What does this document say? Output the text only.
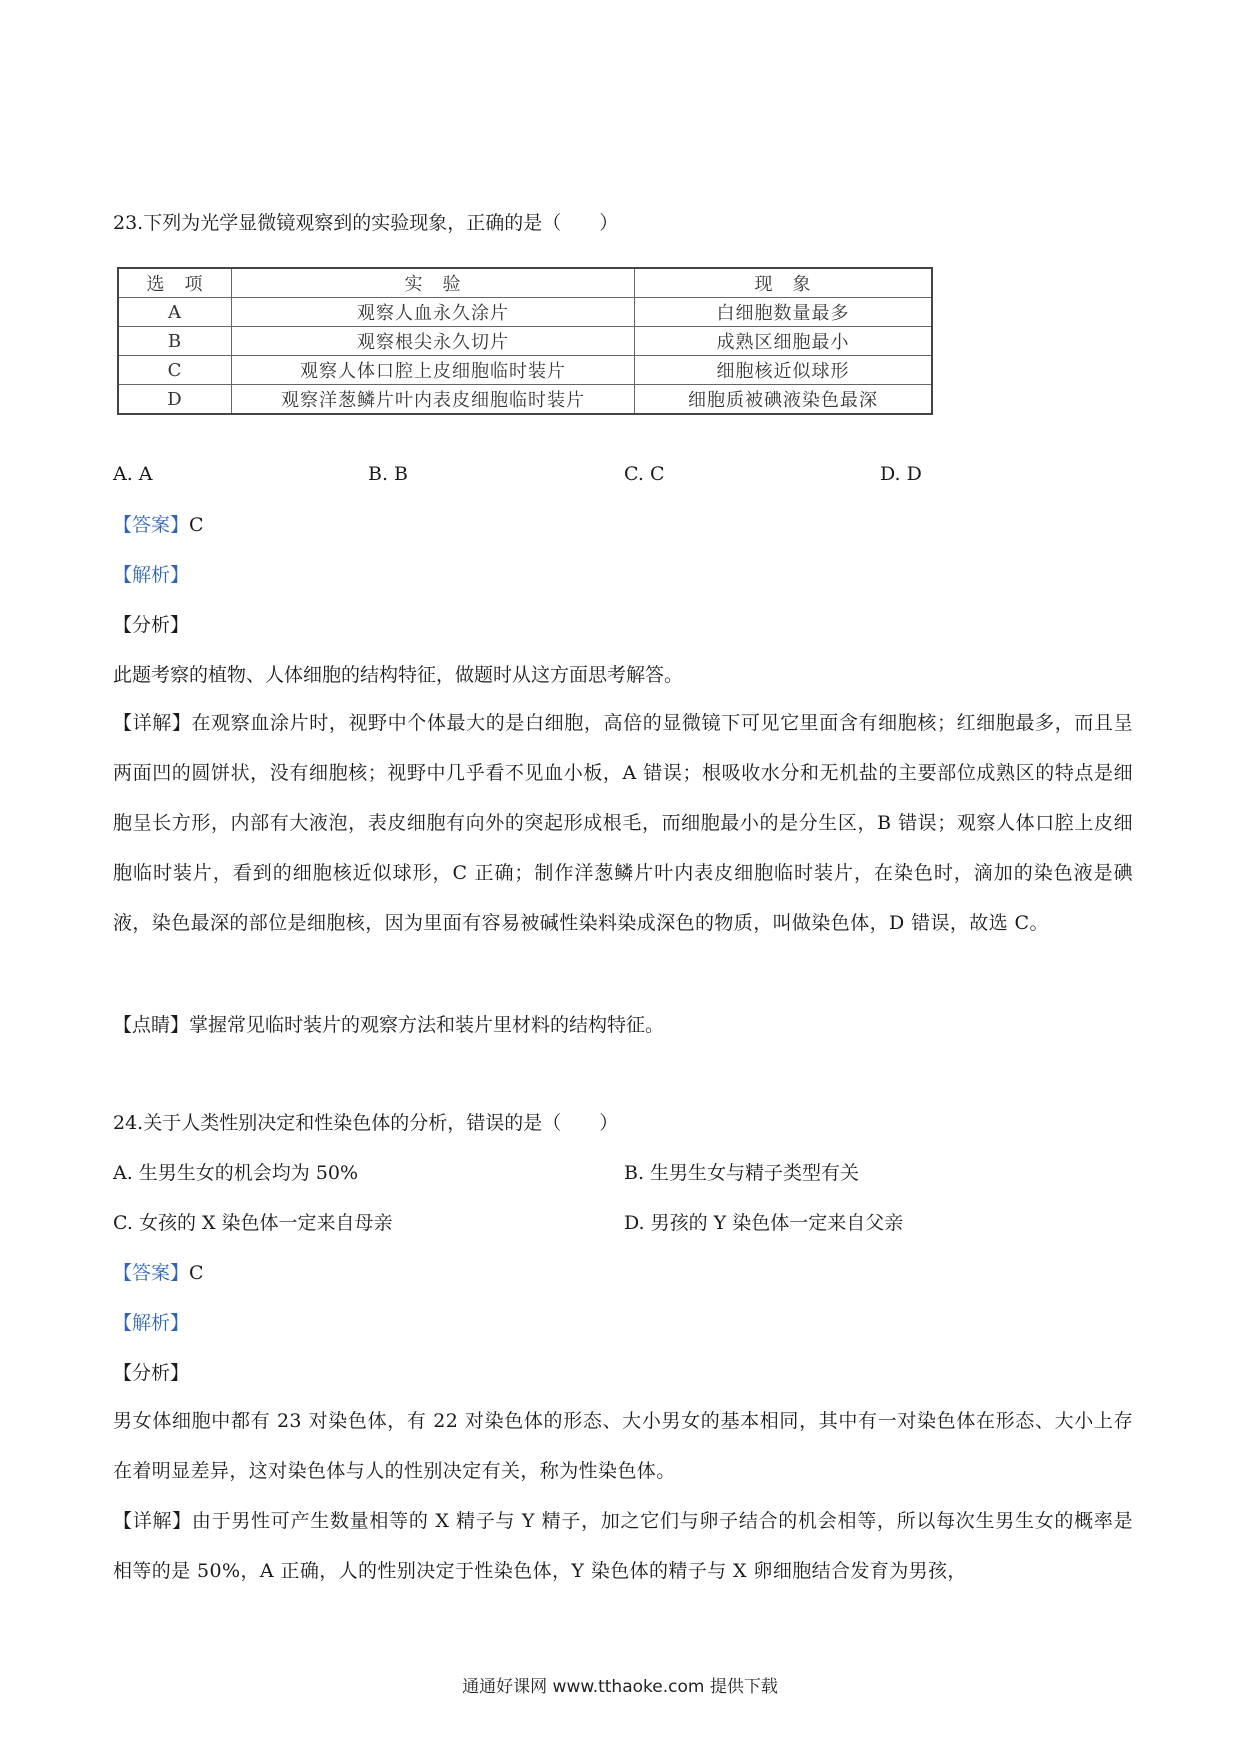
23.下列为光学显微镜观察到的实验现象，正确的是（　　）
选　项	实　验	现　象
A	观察人血永久涂片	白细胞数量最多
B	观察根尖永久切片	成熟区细胞最小
C	观察人体口腔上皮细胞临时装片	细胞核近似球形
D	观察洋葱鳞片叶内表皮细胞临时装片	细胞质被碘液染色最深
A. A	B. B	C. C	D. D
【答案】C
【解析】
【分析】
此题考察的植物、人体细胞的结构特征，做题时从这方面思考解答。
【详解】在观察血涂片时，视野中个体最大的是白细胞，高倍的显微镜下可见它里面含有细胞核；红细胞最多，而且呈两面凹的圆饼状，没有细胞核；视野中几乎看不见血小板，A 错误；根吸收水分和无机盐的主要部位成熟区的特点是细胞呈长方形，内部有大液泡，表皮细胞有向外的突起形成根毛，而细胞最小的是分生区，B 错误；观察人体口腔上皮细胞临时装片，看到的细胞核近似球形，C 正确；制作洋葱鳞片叶内表皮细胞临时装片，在染色时，滴加的染色液是碘液，染色最深的部位是细胞核，因为里面有容易被碱性染料染成深色的物质，叫做染色体，D 错误，故选 C。
【点睛】掌握常见临时装片的观察方法和装片里材料的结构特征。
24.关于人类性别决定和性染色体的分析，错误的是（　　）
A. 生男生女的机会均为 50%	B. 生男生女与精子类型有关
C. 女孩的 X 染色体一定来自母亲	D. 男孩的 Y 染色体一定来自父亲
【答案】C
【解析】
【分析】
男女体细胞中都有 23 对染色体，有 22 对染色体的形态、大小男女的基本相同，其中有一对染色体在形态、大小上存在着明显差异，这对染色体与人的性别决定有关，称为性染色体。
【详解】由于男性可产生数量相等的 X 精子与 Y 精子，加之它们与卵子结合的机会相等，所以每次生男生女的概率是相等的是 50%，A 正确，人的性别决定于性染色体，Y 染色体的精子与 X 卵细胞结合发育为男孩，
通通好课网 www.tthaoke.com 提供下载
